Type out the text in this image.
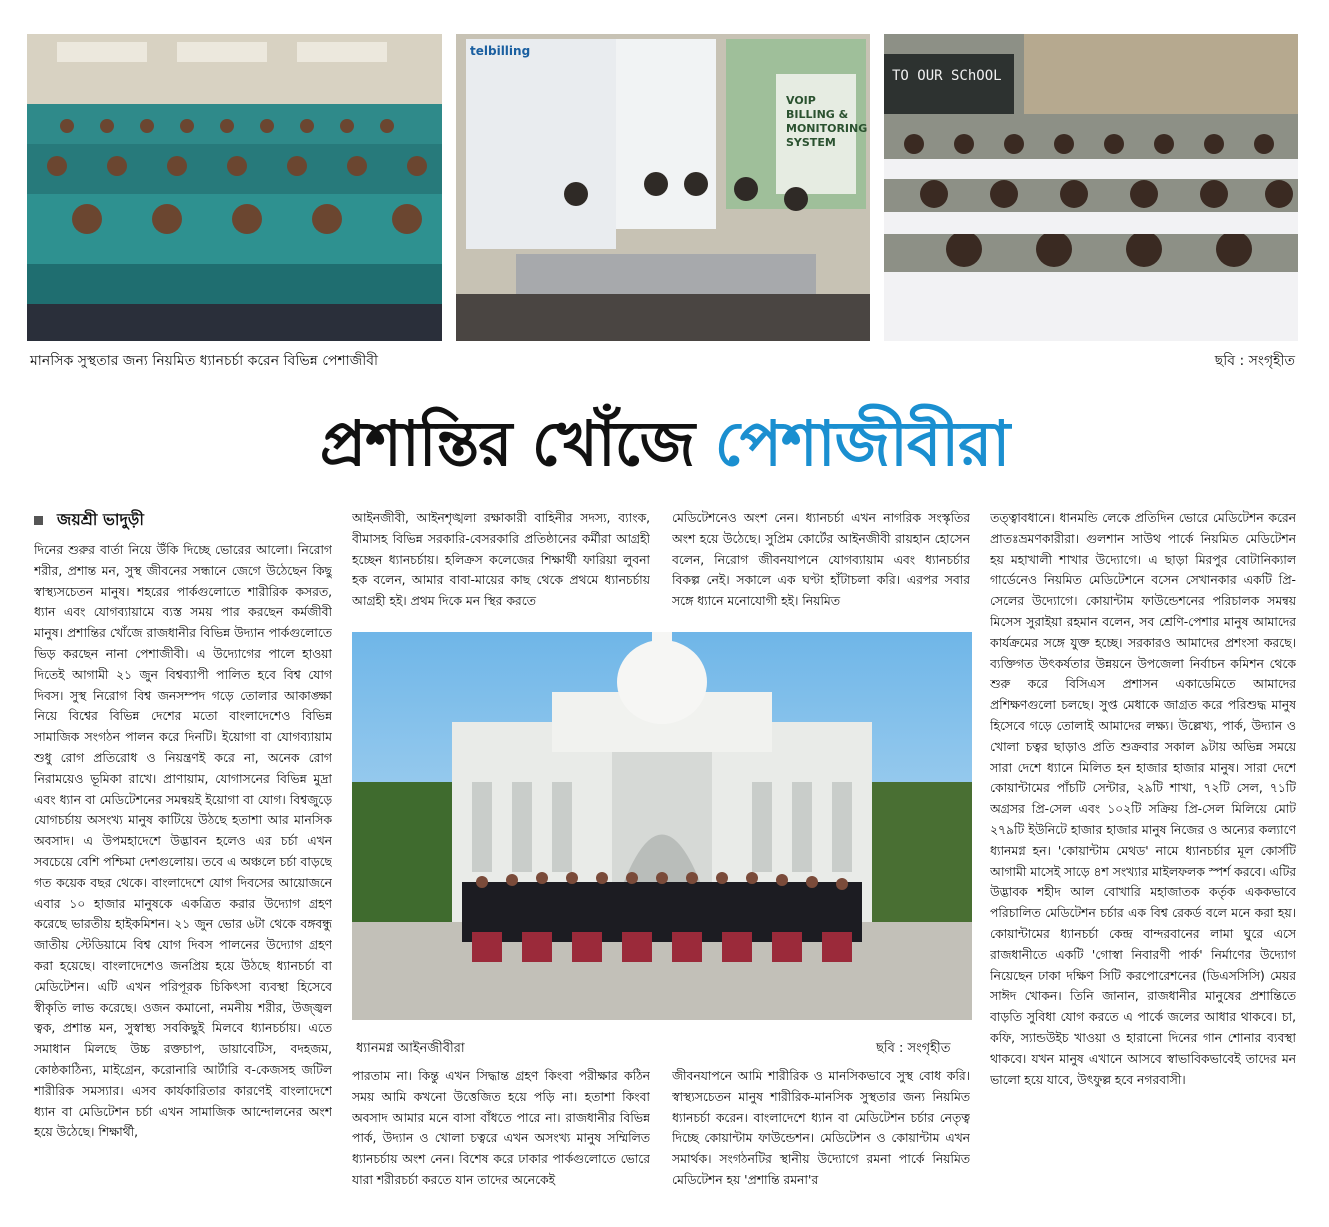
telbilling
VOIP BILLING & MONITORING SYSTEM
TO OUR SChOOL
মানসিক সুস্থতার জন্য নিয়মিত ধ্যানচর্চা করেন বিভিন্ন পেশাজীবী	ছবি : সংগৃহীত
প্রশান্তির খোঁজে পেশাজীবীরা
জয়শ্রী ভাদুড়ী

দিনের শুরুর বার্তা নিয়ে উঁকি দিচ্ছে ভোরের আলো। নিরোগ শরীর, প্রশান্ত মন, সুস্থ জীবনের সন্ধানে জেগে উঠেছেন কিছু স্বাস্থ্যসচেতন মানুষ। শহরের পার্কগুলোতে শারীরিক কসরত, ধ্যান এবং যোগব্যায়ামে ব্যস্ত সময় পার করছেন কর্মজীবী মানুষ। প্রশান্তির খোঁজে রাজধানীর বিভিন্ন উদ্যান পার্কগুলোতে ভিড় করছেন নানা পেশাজীবী। এ উদ্যোগের পালে হাওয়া দিতেই আগামী ২১ জুন বিশ্বব্যাপী পালিত হবে বিশ্ব যোগ দিবস। সুস্থ নিরোগ বিশ্ব জনসম্পদ গড়ে তোলার আকাঙ্ক্ষা নিয়ে বিশ্বের বিভিন্ন দেশের মতো বাংলাদেশেও বিভিন্ন সামাজিক সংগঠন পালন করে দিনটি। ইয়োগা বা যোগব্যায়াম শুধু রোগ প্রতিরোধ ও নিয়ন্ত্রণই করে না, অনেক রোগ নিরাময়েও ভূমিকা রাখে। প্রাণায়াম, যোগাসনের বিভিন্ন মুদ্রা এবং ধ্যান বা মেডিটেশনের সমন্বয়ই ইয়োগা বা যোগ। বিশ্বজুড়ে যোগচর্চায় অসংখ্য মানুষ কাটিয়ে উঠছে হতাশা আর মানসিক অবসাদ। এ উপমহাদেশে উদ্ভাবন হলেও এর চর্চা এখন সবচেয়ে বেশি পশ্চিমা দেশগুলোয়। তবে এ অঞ্চলে চর্চা বাড়ছে গত কয়েক বছর থেকে। বাংলাদেশে যোগ দিবসের আয়োজনে এবার ১০ হাজার মানুষকে একত্রিত করার উদ্যোগ গ্রহণ করেছে ভারতীয় হাইকমিশন। ২১ জুন ভোর ৬টা থেকে বঙ্গবন্ধু জাতীয় স্টেডিয়ামে বিশ্ব যোগ দিবস পালনের উদ্যোগ গ্রহণ করা হয়েছে। বাংলাদেশেও জনপ্রিয় হয়ে উঠছে ধ্যানচর্চা বা মেডিটেশন। এটি এখন পরিপূরক চিকিৎসা ব্যবস্থা হিসেবে স্বীকৃতি লাভ করেছে। ওজন কমানো, নমনীয় শরীর, উজ্জ্বল ত্বক, প্রশান্ত মন, সুস্বাস্থ্য সবকিছুই মিলবে ধ্যানচর্চায়। এতে সমাধান মিলছে উচ্চ রক্তচাপ, ডায়াবেটিস, বদহজম, কোষ্ঠকাঠিন্য, মাইগ্রেন, করোনারি আর্টারি ব-কেজসহ জটিল শারীরিক সমস্যার। এসব কার্যকারিতার কারণেই বাংলাদেশে ধ্যান বা মেডিটেশন চর্চা এখন সামাজিক আন্দোলনের অংশ হয়ে উঠেছে। শিক্ষার্থী,

আইনজীবী, আইনশৃঙ্খলা রক্ষাকারী বাহিনীর সদস্য, ব্যাংক, বীমাসহ বিভিন্ন সরকারি-বেসরকারি প্রতিষ্ঠানের কর্মীরা আগ্রহী হচ্ছেন ধ্যানচর্চায়। হলিক্রস কলেজের শিক্ষার্থী ফারিয়া লুবনা হক বলেন, আমার বাবা-মায়ের কাছ থেকে প্রথমে ধ্যানচর্চায় আগ্রহী হই। প্রথম দিকে মন স্থির করতে

মেডিটেশনেও অংশ নেন। ধ্যানচর্চা এখন নাগরিক সংস্কৃতির অংশ হয়ে উঠেছে। সুপ্রিম কোর্টের আইনজীবী রায়হান হোসেন বলেন, নিরোগ জীবনযাপনে যোগব্যায়াম এবং ধ্যানচর্চার বিকল্প নেই। সকালে এক ঘণ্টা হাঁটাচলা করি। এরপর সবার সঙ্গে ধ্যানে মনোযোগী হই। নিয়মিত

তত্ত্বাবধানে। ধানমন্ডি লেকে প্রতিদিন ভোরে মেডিটেশন করেন প্রাতঃভ্রমণকারীরা। গুলশান সাউথ পার্কে নিয়মিত মেডিটেশন হয় মহাখালী শাখার উদ্যোগে। এ ছাড়া মিরপুর বোটানিক্যাল গার্ডেনেও নিয়মিত মেডিটেশনে বসেন সেখানকার একটি প্রি-সেলের উদ্যোগে। কোয়ান্টাম ফাউন্ডেশনের পরিচালক সমন্বয় মিসেস সুরাইয়া রহমান বলেন, সব শ্রেণি-পেশার মানুষ আমাদের কার্যক্রমের সঙ্গে যুক্ত হচ্ছে। সরকারও আমাদের প্রশংসা করছে। ব্যক্তিগত উৎকর্ষতার উন্নয়নে উপজেলা নির্বাচন কমিশন থেকে শুরু করে বিসিএস প্রশাসন একাডেমিতে আমাদের প্রশিক্ষণগুলো চলছে। সুপ্ত মেধাকে জাগ্রত করে পরিশুদ্ধ মানুষ হিসেবে গড়ে তোলাই আমাদের লক্ষ্য। উল্লেখ্য, পার্ক, উদ্যান ও খোলা চত্বর ছাড়াও প্রতি শুক্রবার সকাল ৯টায় অভিন্ন সময়ে সারা দেশে ধ্যানে মিলিত হন হাজার হাজার মানুষ। সারা দেশে কোয়ান্টামের পাঁচটি সেন্টার, ২৯টি শাখা, ৭২টি সেল, ৭১টি অগ্রসর প্রি-সেল এবং ১০২টি সক্রিয় প্রি-সেল মিলিয়ে মোট ২৭৯টি ইউনিটে হাজার হাজার মানুষ নিজের ও অন্যের কল্যাণে ধ্যানমগ্ন হন। 'কোয়ান্টাম মেথড' নামে ধ্যানচর্চার মূল কোর্সটি আগামী মাসেই সাড়ে ৪শ সংখ্যার মাইলফলক স্পর্শ করবে। এটির উদ্ভাবক শহীদ আল বোখারি মহাজাতক কর্তৃক এককভাবে পরিচালিত মেডিটেশন চর্চার এক বিশ্ব রেকর্ড বলে মনে করা হয়। কোয়ান্টামের ধ্যানচর্চা কেন্দ্র বান্দরবানের লামা ঘুরে এসে রাজধানীতে একটি 'গোস্বা নিবারণী পার্ক' নির্মাণের উদ্যোগ নিয়েছেন ঢাকা দক্ষিণ সিটি করপোরেশনের (ডিএসসিসি) মেয়র সাঈদ খোকন। তিনি জানান, রাজধানীর মানুষের প্রশান্তিতে বাড়তি সুবিধা যোগ করতে এ পার্কে জলের আধার থাকবে। চা, কফি, স্যান্ডউইচ খাওয়া ও হারানো দিনের গান শোনার ব্যবস্থা থাকবে। যখন মানুষ এখানে আসবে স্বাভাবিকভাবেই তাদের মন ভালো হয়ে যাবে, উৎফুল্ল হবে নগরবাসী।

ধ্যানমগ্ন আইনজীবীরা	ছবি : সংগৃহীত

পারতাম না। কিন্তু এখন সিদ্ধান্ত গ্রহণ কিংবা পরীক্ষার কঠিন সময় আমি কখনো উত্তেজিত হয়ে পড়ি না। হতাশা কিংবা অবসাদ আমার মনে বাসা বাঁধতে পারে না। রাজধানীর বিভিন্ন পার্ক, উদ্যান ও খোলা চত্বরে এখন অসংখ্য মানুষ সম্মিলিত ধ্যানচর্চায় অংশ নেন। বিশেষ করে ঢাকার পার্কগুলোতে ভোরে যারা শরীরচর্চা করতে যান তাদের অনেকেই

জীবনযাপনে আমি শারীরিক ও মানসিকভাবে সুস্থ বোধ করি। স্বাস্থ্যসচেতন মানুষ শারীরিক-মানসিক সুস্থতার জন্য নিয়মিত ধ্যানচর্চা করেন। বাংলাদেশে ধ্যান বা মেডিটেশন চর্চার নেতৃত্ব দিচ্ছে কোয়ান্টাম ফাউন্ডেশন। মেডিটেশন ও কোয়ান্টাম এখন সমার্থক। সংগঠনটির স্থানীয় উদ্যোগে রমনা পার্কে নিয়মিত মেডিটেশন হয় 'প্রশান্তি রমনা'র
